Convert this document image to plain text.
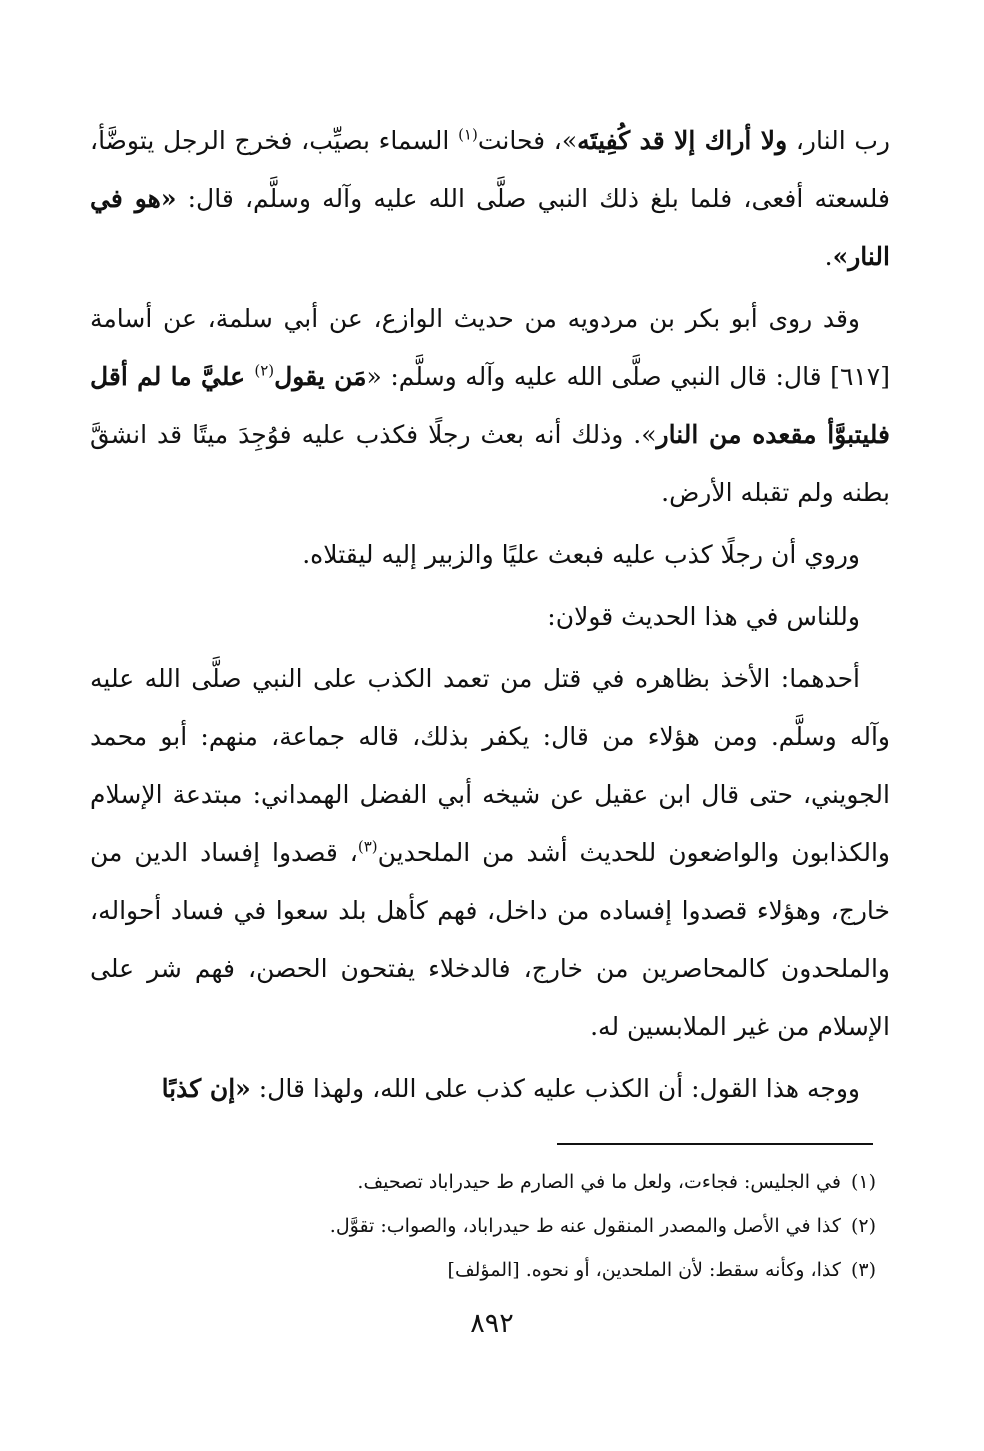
رب النار، ولا أراك إلا قد كُفِيتَه»، فحانت$^{(١)}$ السماء بصيِّب، فخرج الرجل يتوضَّأ، فلسعته أفعى، فلما بلغ ذلك النبي صلَّى الله عليه وآله وسلَّم، قال: «هو في النار».

وقد روى أبو بكر بن مردويه من حديث الوازع، عن أبي سلمة، عن أسامة [٦١٧] قال: قال النبي صلَّى الله عليه وآله وسلَّم: «مَن يقول$^{(٢)}$ عليَّ ما لم أقل فليتبوَّأ مقعده من النار». وذلك أنه بعث رجلًا فكذب عليه فوُجِدَ ميتًا قد انشقَّ بطنه ولم تقبله الأرض.

وروي أن رجلًا كذب عليه فبعث عليًا والزبير إليه ليقتلاه.

وللناس في هذا الحديث قولان:

أحدهما: الأخذ بظاهره في قتل من تعمد الكذب على النبي صلَّى الله عليه وآله وسلَّم. ومن هؤلاء من قال: يكفر بذلك، قاله جماعة، منهم: أبو محمد الجويني، حتى قال ابن عقيل عن شيخه أبي الفضل الهمداني: مبتدعة الإسلام والكذابون والواضعون للحديث أشد من الملحدين$^{(٣)}$، قصدوا إفساد الدين من خارج، وهؤلاء قصدوا إفساده من داخل، فهم كأهل بلد سعوا في فساد أحواله، والملحدون كالمحاصرين من خارج، فالدخلاء يفتحون الحصن، فهم شر على الإسلام من غير الملابسين له.

ووجه هذا القول: أن الكذب عليه كذب على الله، ولهذا قال: «إن كذبًا

(١)في الجليس: فجاءت، ولعل ما في الصارم ط حيدراباد تصحيف.
(٢)كذا في الأصل والمصدر المنقول عنه ط حيدراباد، والصواب: تقوَّل.
(٣)كذا، وكأنه سقط: لأن الملحدين، أو نحوه. [المؤلف]
٨٩٢
